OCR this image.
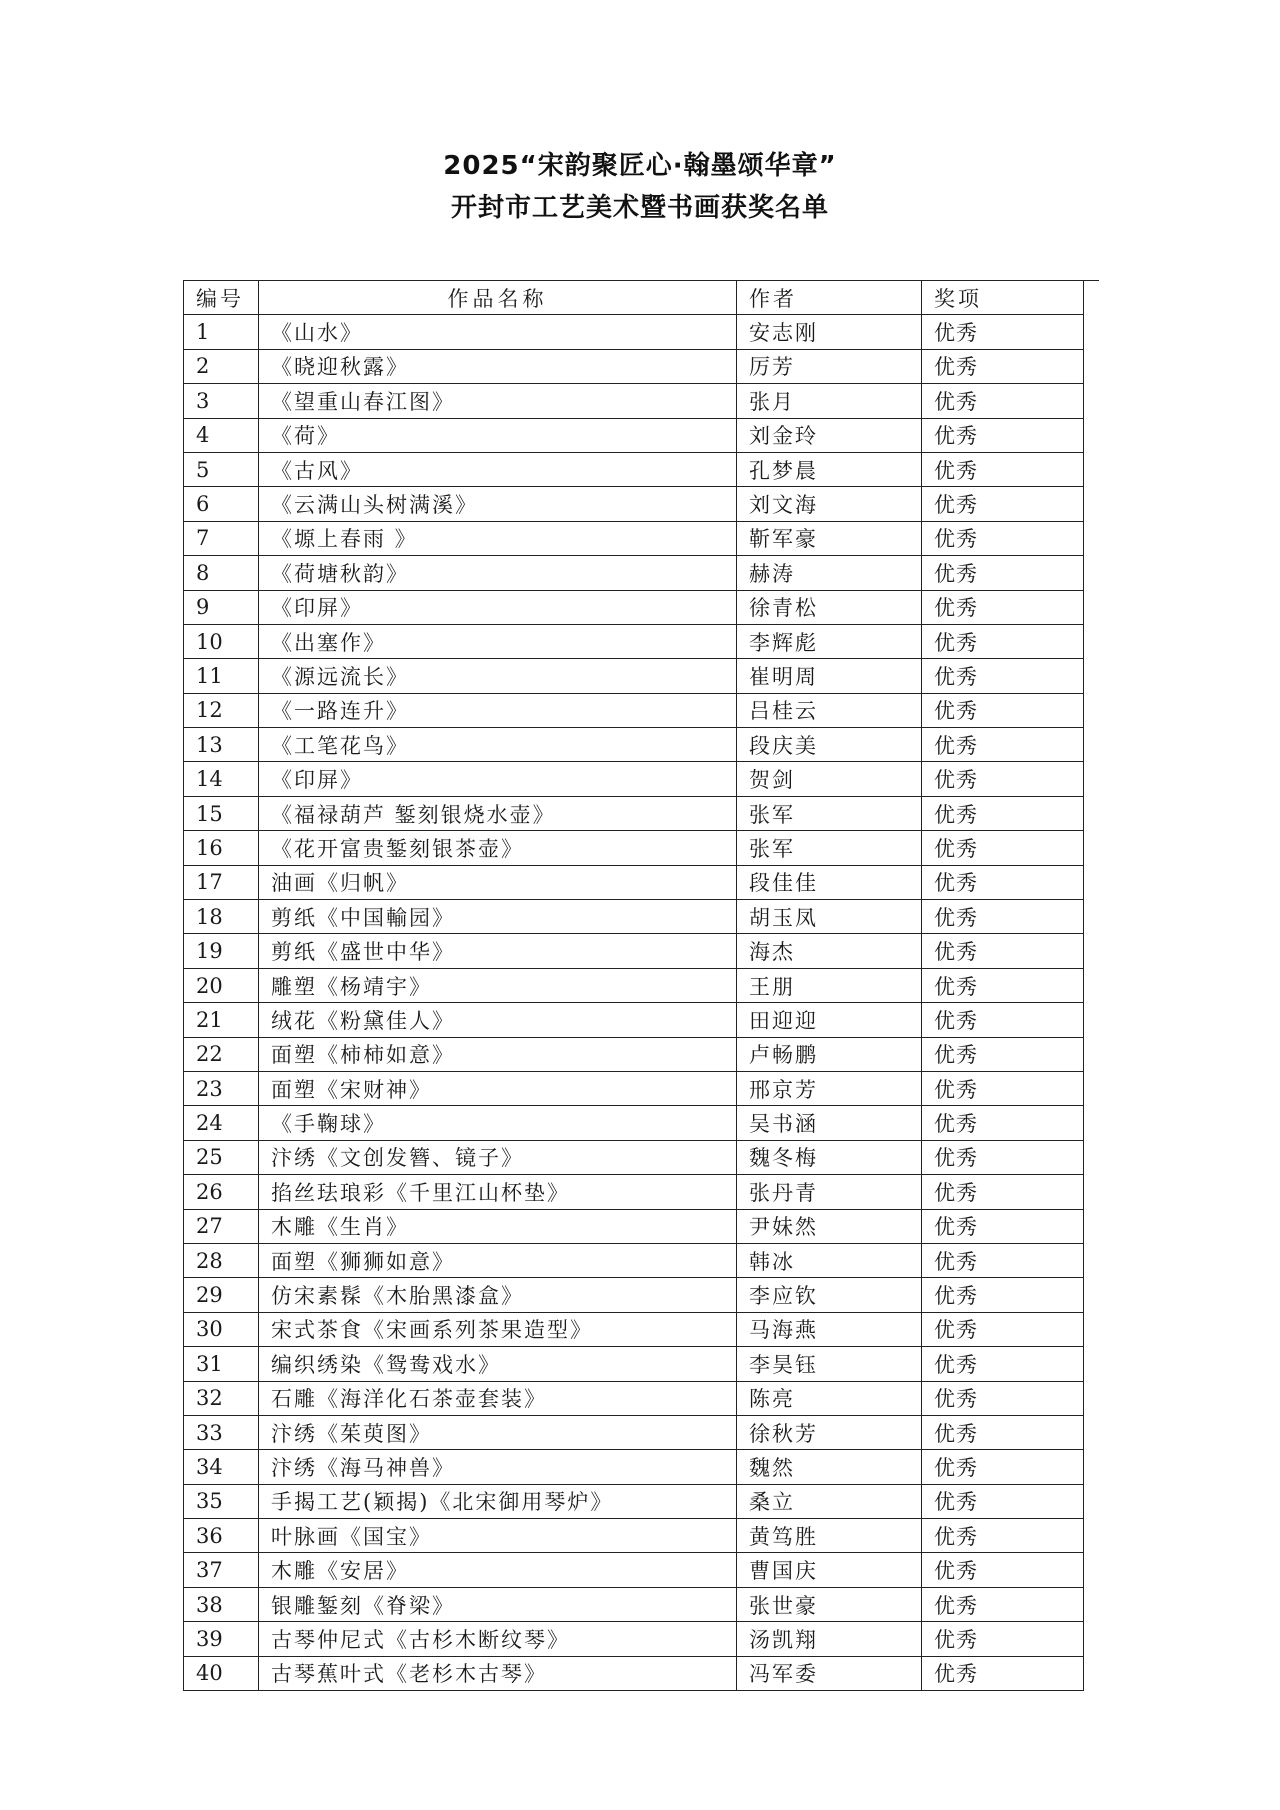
2025“宋韵聚匠心·翰墨颂华章”
开封市工艺美术暨书画获奖名单
编号	作品名称	作者	奖项
1	《山水》	安志刚	优秀
2	《晓迎秋露》	厉芳	优秀
3	《望重山春江图》	张月	优秀
4	《荷》	刘金玲	优秀
5	《古风》	孔梦晨	优秀
6	《云满山头树满溪》	刘文海	优秀
7	《塬上春雨 》	靳军豪	优秀
8	《荷塘秋韵》	赫涛	优秀
9	《印屏》	徐青松	优秀
10	《出塞作》	李辉彪	优秀
11	《源远流长》	崔明周	优秀
12	《一路连升》	吕桂云	优秀
13	《工笔花鸟》	段庆美	优秀
14	《印屏》	贺剑	优秀
15	《福禄葫芦 錾刻银烧水壶》	张军	优秀
16	《花开富贵錾刻银茶壶》	张军	优秀
17	油画《归帆》	段佳佳	优秀
18	剪纸《中国輸园》	胡玉凤	优秀
19	剪纸《盛世中华》	海杰	优秀
20	雕塑《杨靖宇》	王朋	优秀
21	绒花《粉黛佳人》	田迎迎	优秀
22	面塑《柿柿如意》	卢畅鹏	优秀
23	面塑《宋财神》	邢京芳	优秀
24	《手鞠球》	吴书涵	优秀
25	汴绣《文创发簪、镜子》	魏冬梅	优秀
26	掐丝珐琅彩《千里江山杯垫》	张丹青	优秀
27	木雕《生肖》	尹妹然	优秀
28	面塑《狮狮如意》	韩冰	优秀
29	仿宋素髹《木胎黑漆盒》	李应钦	优秀
30	宋式茶食《宋画系列茶果造型》	马海燕	优秀
31	编织绣染《鸳鸯戏水》	李昊钰	优秀
32	石雕《海洋化石茶壶套装》	陈亮	优秀
33	汴绣《茱萸图》	徐秋芳	优秀
34	汴绣《海马神兽》	魏然	优秀
35	手揭工艺(颖揭)《北宋御用琴炉》	桑立	优秀
36	叶脉画《国宝》	黄笃胜	优秀
37	木雕《安居》	曹国庆	优秀
38	银雕錾刻《脊梁》	张世豪	优秀
39	古琴仲尼式《古杉木断纹琴》	汤凯翔	优秀
40	古琴蕉叶式《老杉木古琴》	冯军委	优秀
